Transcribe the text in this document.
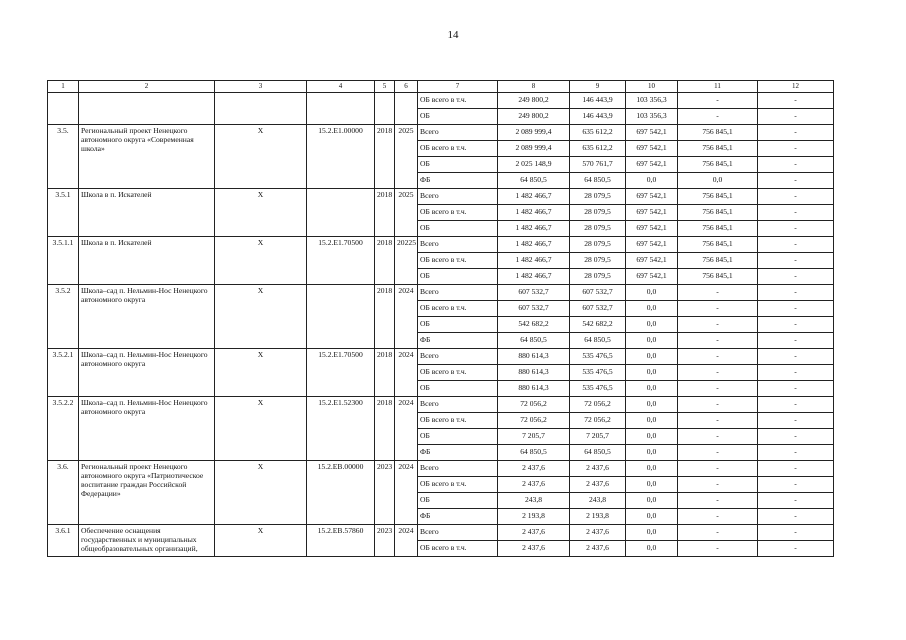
14
1	2	3	4	5	6	7	8	9	10	11	12
						ОБ всего в т.ч.	249 800,2	146 443,9	103 356,3	-	-
						ОБ	249 800,2	146 443,9	103 356,3	-	-
3.5.	Региональный проект Ненецкого автономного округа «Современная школа»	Х	15.2.Е1.00000	2018	2025	Всего	2 089 999,4	635 612,2	697 542,1	756 845,1	-
						ОБ всего в т.ч.	2 089 999,4	635 612,2	697 542,1	756 845,1	-
						ОБ	2 025 148,9	570 761,7	697 542,1	756 845,1	-
						ФБ	64 850,5	64 850,5	0,0	0,0	-
3.5.1	Школа в п. Искателей	Х		2018	2025	Всего	1 482 466,7	28 079,5	697 542,1	756 845,1	-
						ОБ всего в т.ч.	1 482 466,7	28 079,5	697 542,1	756 845,1	-
						ОБ	1 482 466,7	28 079,5	697 542,1	756 845,1	-
3.5.1.1	Школа в п. Искателей	Х	15.2.Е1.70500	2018	20225	Всего	1 482 466,7	28 079,5	697 542,1	756 845,1	-
						ОБ всего в т.ч.	1 482 466,7	28 079,5	697 542,1	756 845,1	-
						ОБ	1 482 466,7	28 079,5	697 542,1	756 845,1	-
3.5.2	Школа–сад п. Нельмин-Нос Ненецкого автономного округа	Х		2018	2024	Всего	607 532,7	607 532,7	0,0	-	-
						ОБ всего в т.ч.	607 532,7	607 532,7	0,0	-	-
						ОБ	542 682,2	542 682,2	0,0	-	-
						ФБ	64 850,5	64 850,5	0,0	-	-
3.5.2.1	Школа–сад п. Нельмин-Нос Ненецкого автономного округа	Х	15.2.Е1.70500	2018	2024	Всего	880 614,3	535 476,5	0,0	-	-
						ОБ всего в т.ч.	880 614,3	535 476,5	0,0	-	-
						ОБ	880 614,3	535 476,5	0,0	-	-
3.5.2.2	Школа–сад п. Нельмин-Нос Ненецкого автономного округа	Х	15.2.Е1.52300	2018	2024	Всего	72 056,2	72 056,2	0,0	-	-
						ОБ всего в т.ч.	72 056,2	72 056,2	0,0	-	-
						ОБ	7 205,7	7 205,7	0,0	-	-
						ФБ	64 850,5	64 850,5	0,0	-	-
3.6.	Региональный проект Ненецкого автономного округа «Патриотическое воспитание граждан Российской Федерации»	Х	15.2.ЕВ.00000	2023	2024	Всего	2 437,6	2 437,6	0,0	-	-
						ОБ всего в т.ч.	2 437,6	2 437,6	0,0	-	-
						ОБ	243,8	243,8	0,0	-	-
						ФБ	2 193,8	2 193,8	0,0	-	-
3.6.1	Обеспечение оснащения государственных и муниципальных общеобразовательных организаций,	Х	15.2.ЕВ.57860	2023	2024	Всего	2 437,6	2 437,6	0,0	-	-
						ОБ всего в т.ч.	2 437,6	2 437,6	0,0	-	-
